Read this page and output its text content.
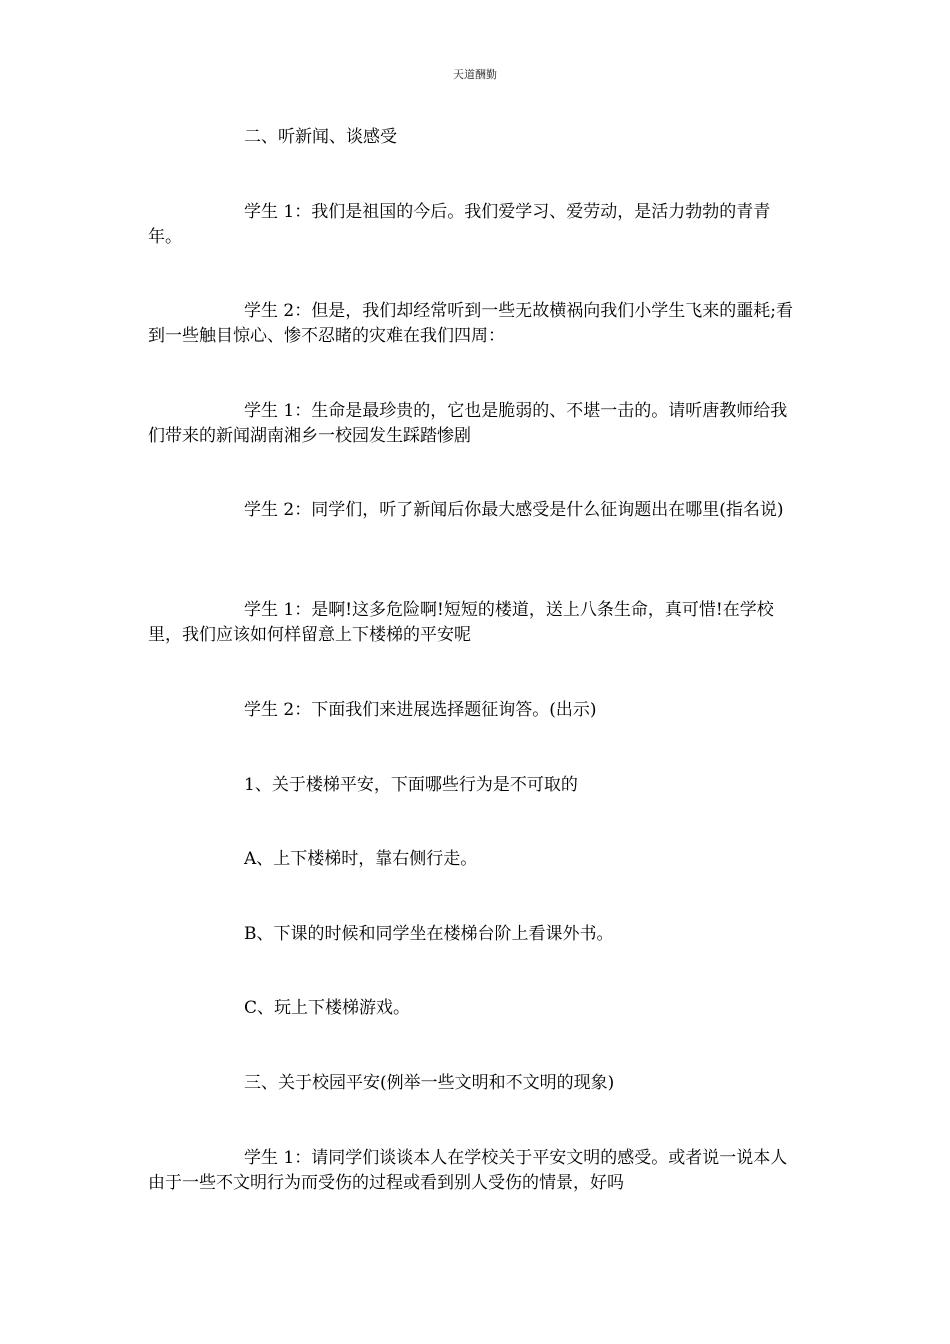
天道酬勤

二、听新闻、谈感受

学生 1：我们是祖国的今后。我们爱学习、爱劳动，是活力勃勃的青青年。

学生 2：但是，我们却经常听到一些无故横祸向我们小学生飞来的噩耗;看到一些触目惊心、惨不忍睹的灾难在我们四周：

学生 1：生命是最珍贵的，它也是脆弱的、不堪一击的。请听唐教师给我们带来的新闻湖南湘乡一校园发生踩踏惨剧

学生 2：同学们，听了新闻后你最大感受是什么征询题出在哪里(指名说)

学生 1：是啊!这多危险啊!短短的楼道，送上八条生命，真可惜!在学校里，我们应该如何样留意上下楼梯的平安呢

学生 2：下面我们来进展选择题征询答。(出示)

1、关于楼梯平安，下面哪些行为是不可取的

A、上下楼梯时，靠右侧行走。

B、下课的时候和同学坐在楼梯台阶上看课外书。

C、玩上下楼梯游戏。

三、关于校园平安(例举一些文明和不文明的现象)

学生 1：请同学们谈谈本人在学校关于平安文明的感受。或者说一说本人由于一些不文明行为而受伤的过程或看到别人受伤的情景，好吗
